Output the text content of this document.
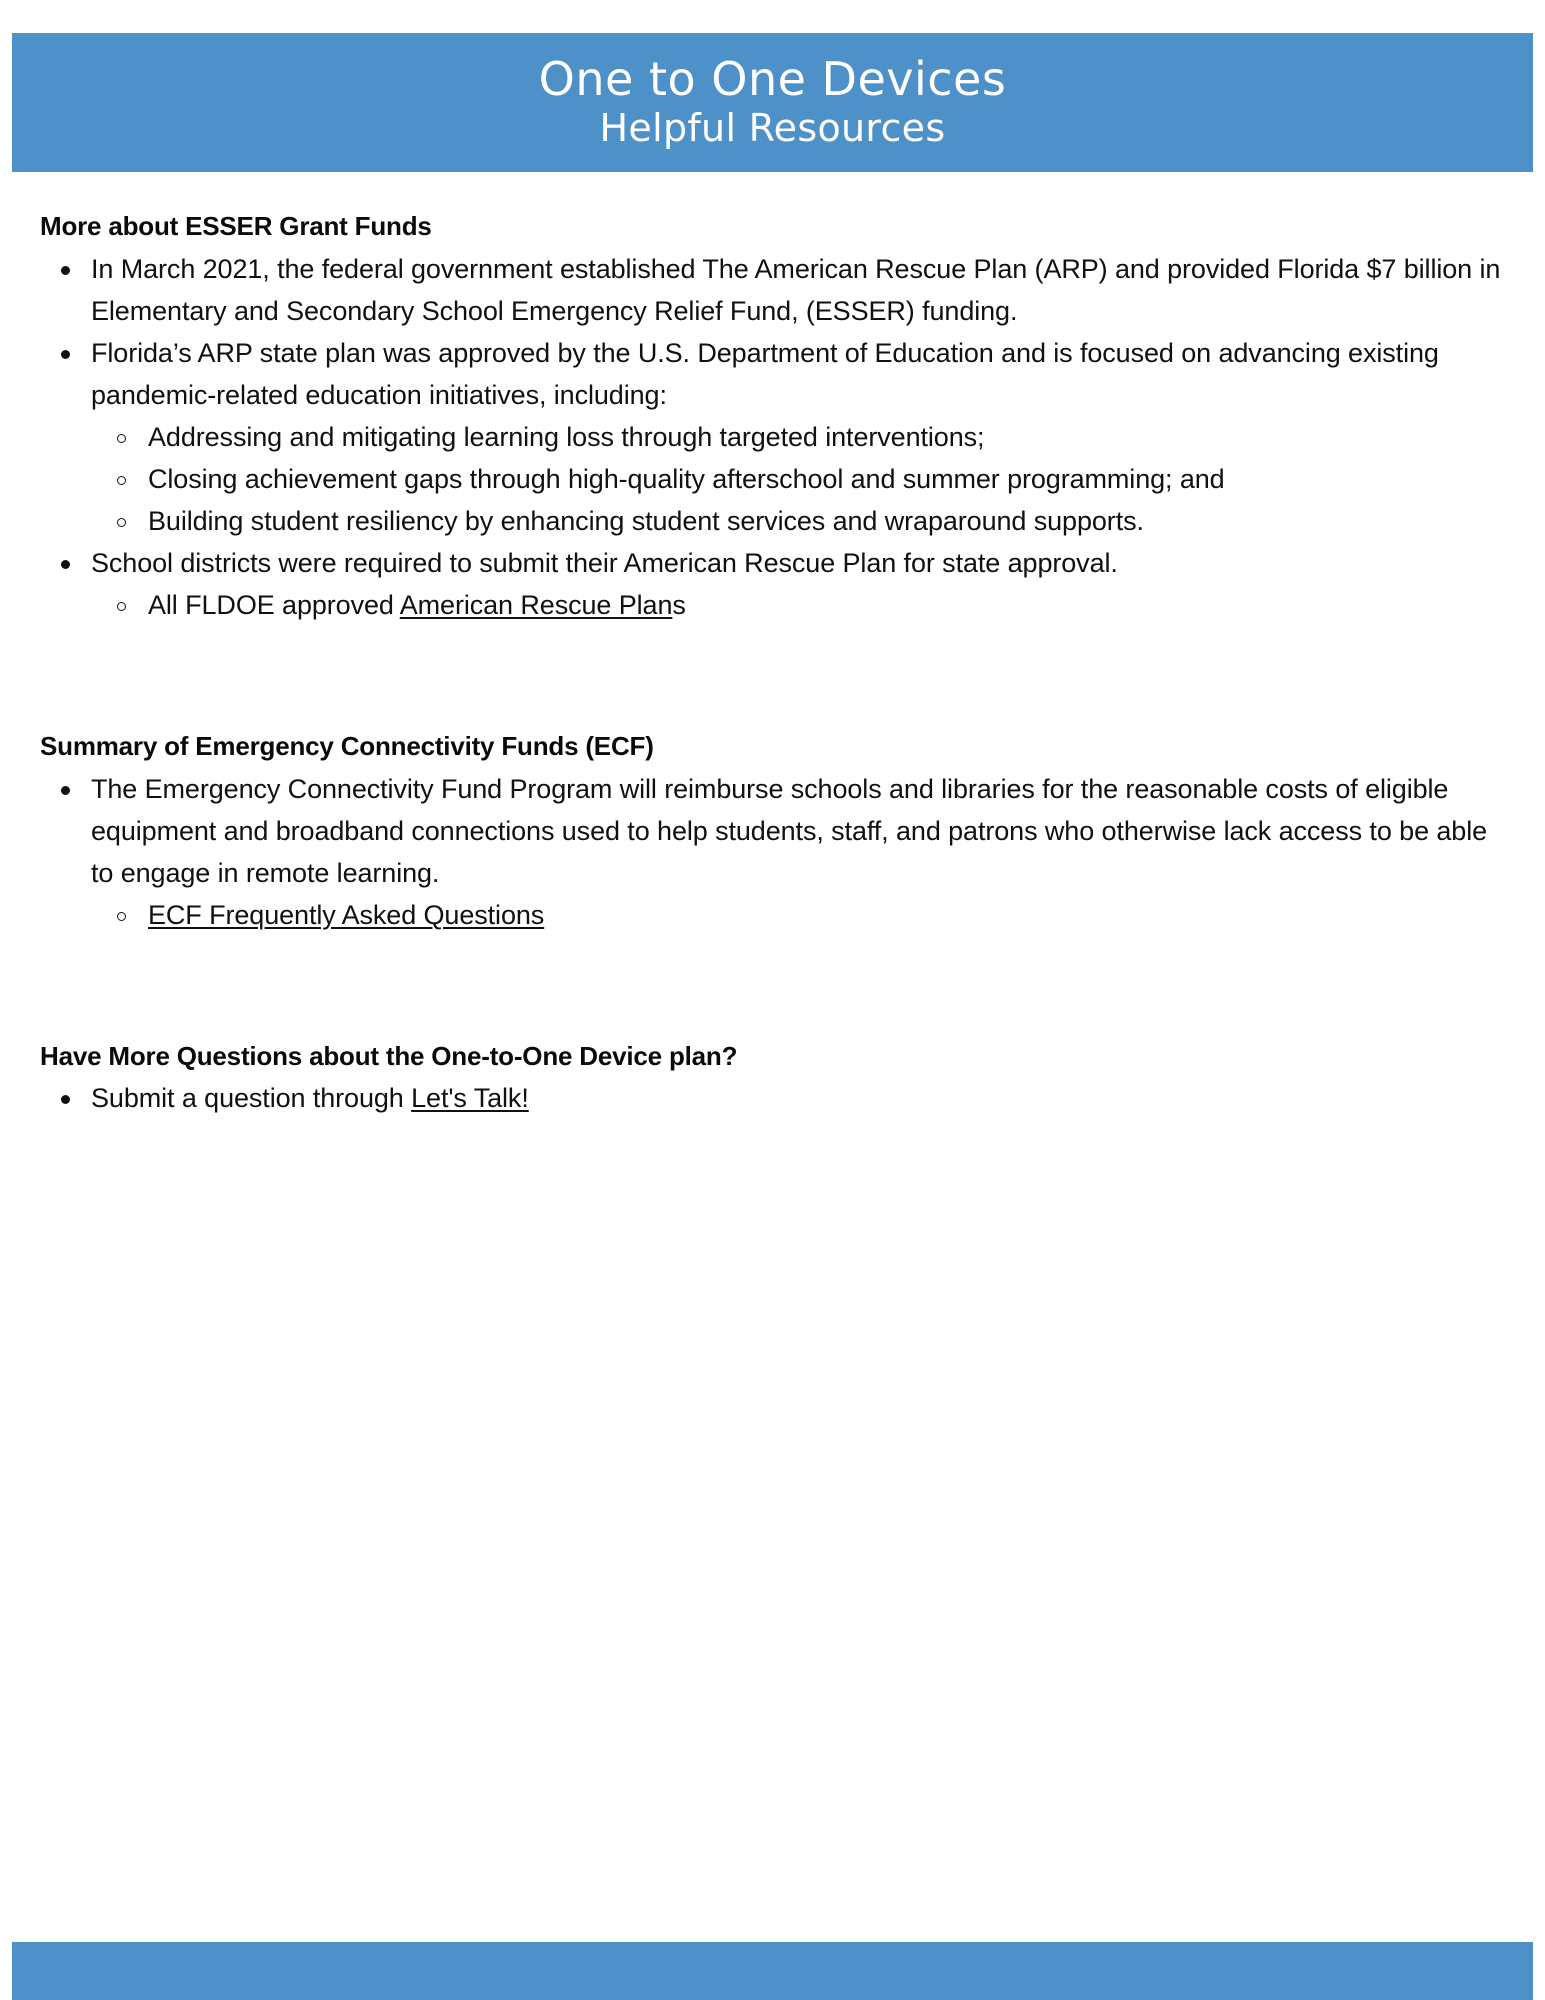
One to One Devices
Helpful Resources
More about ESSER Grant Funds
In March 2021, the federal government established The American Rescue Plan (ARP) and provided Florida $7 billion in Elementary and Secondary School Emergency Relief Fund, (ESSER) funding.
Florida’s ARP state plan was approved by the U.S. Department of Education and is focused on advancing existing pandemic-related education initiatives, including:
Addressing and mitigating learning loss through targeted interventions;
Closing achievement gaps through high-quality afterschool and summer programming; and
Building student resiliency by enhancing student services and wraparound supports.
School districts were required to submit their American Rescue Plan for state approval.
All FLDOE approved American Rescue Plans
Summary of Emergency Connectivity Funds (ECF)
The Emergency Connectivity Fund Program will reimburse schools and libraries for the reasonable costs of eligible equipment and broadband connections used to help students, staff, and patrons who otherwise lack access to be able to engage in remote learning.
ECF Frequently Asked Questions
Have More Questions about the One-to-One Device plan?
Submit a question through Let's Talk!
